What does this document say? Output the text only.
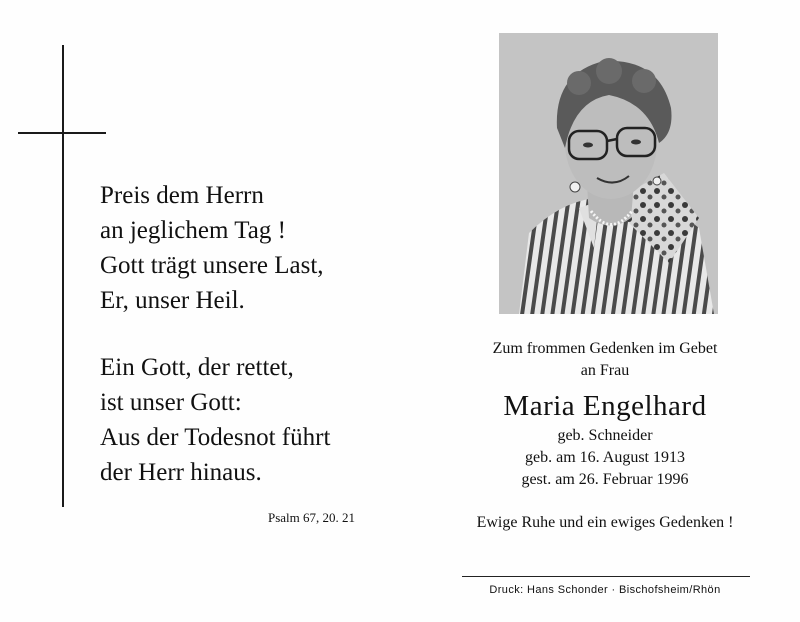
Preis dem Herrn

an jeglichem Tag !

Gott trägt unsere Last,

Er, unser Heil.

Ein Gott, der rettet,

ist unser Gott:

Aus der Todesnot führt

der Herr hinaus.

Psalm 67, 20. 21
Zum frommen Gedenken im Gebet
an Frau
Maria Engelhard
geb. Schneider
geb. am 16. August 1913
gest. am 26. Februar 1996
Ewige Ruhe und ein ewiges Gedenken !
Druck: Hans Schonder · Bischofsheim/Rhön
